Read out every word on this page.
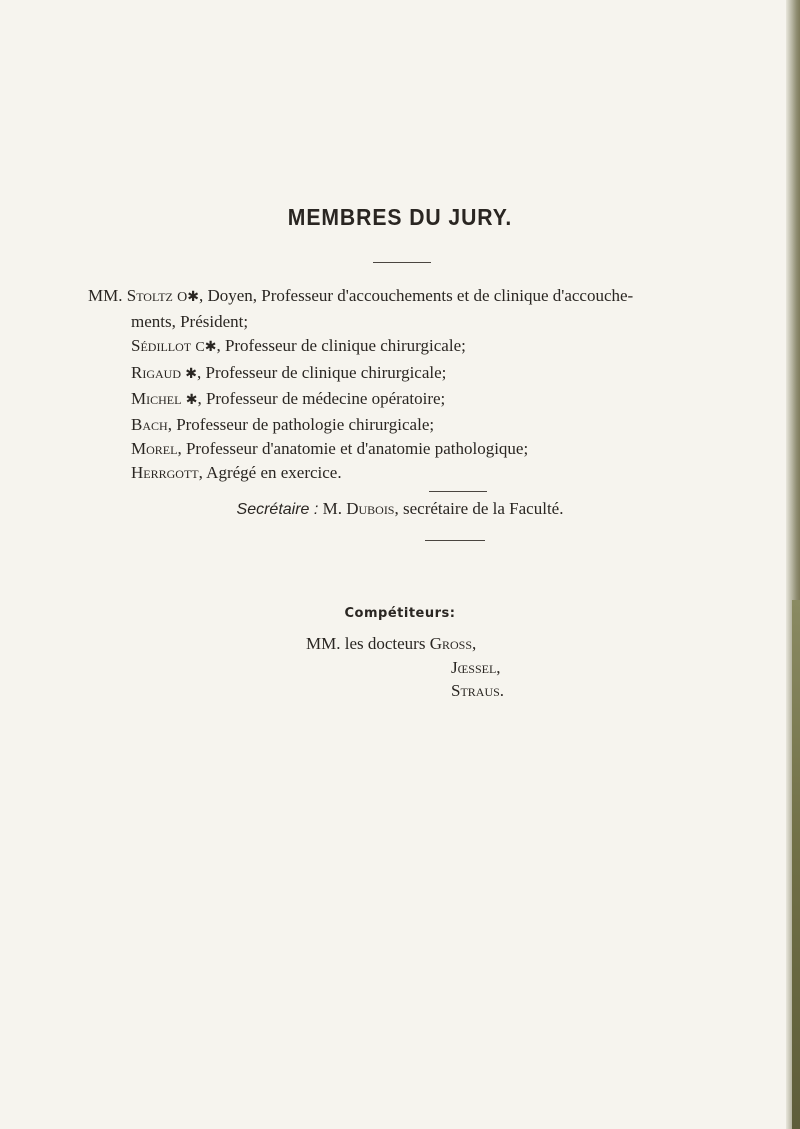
MEMBRES DU JURY.
MM. Stoltz O✱, Doyen, Professeur d'accouchements et de clinique d'accouche-
ments, Président;
Sédillot C✱, Professeur de clinique chirurgicale;
Rigaud ✱, Professeur de clinique chirurgicale;
Michel ✱, Professeur de médecine opératoire;
Bach, Professeur de pathologie chirurgicale;
Morel, Professeur d'anatomie et d'anatomie pathologique;
Herrgott, Agrégé en exercice.
Secrétaire : M. Dubois, secrétaire de la Faculté.
Compétiteurs:
MM. les docteurs Gross,
Jœssel,
Straus.
